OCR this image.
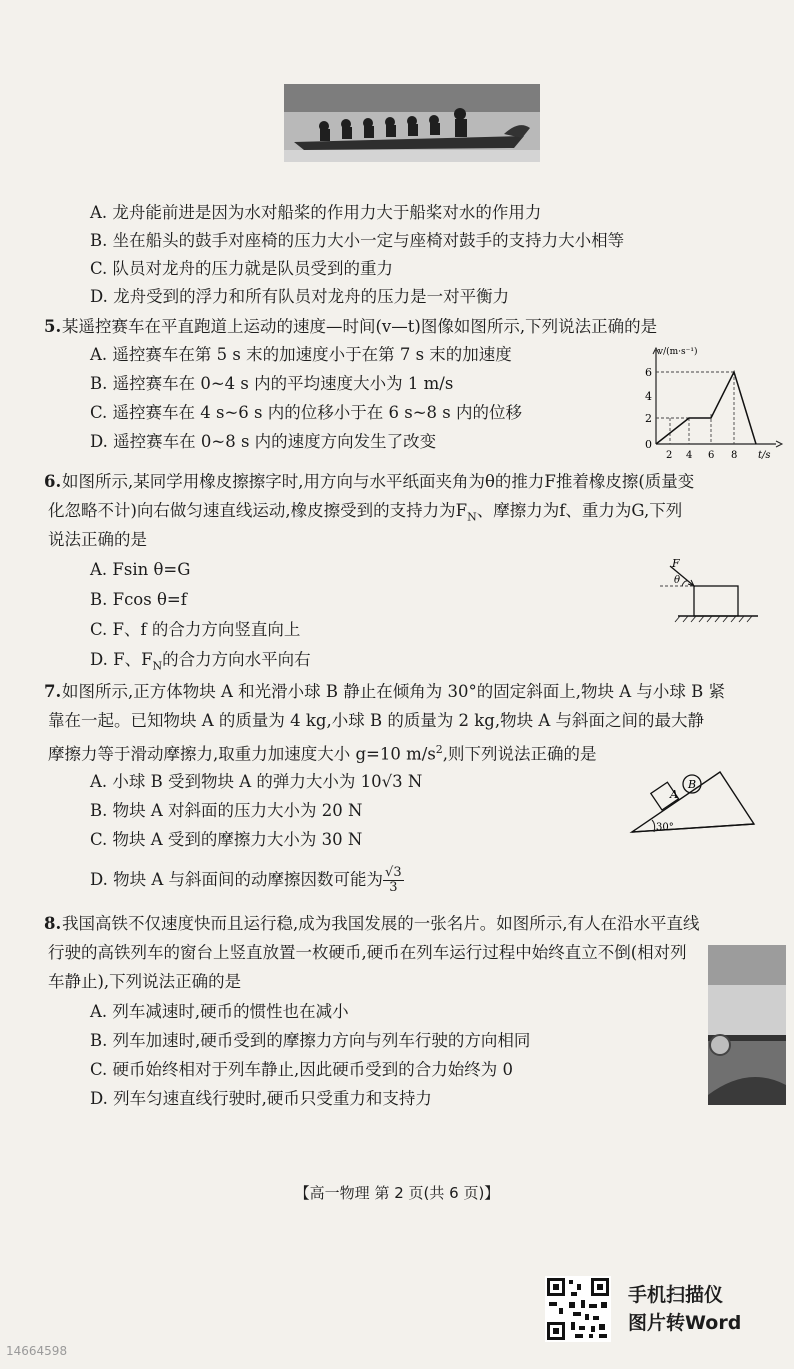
A. 龙舟能前进是因为水对船桨的作用力大于船桨对水的作用力
B. 坐在船头的鼓手对座椅的压力大小一定与座椅对鼓手的支持力大小相等
C. 队员对龙舟的压力就是队员受到的重力
D. 龙舟受到的浮力和所有队员对龙舟的压力是一对平衡力
5. 某遥控赛车在平直跑道上运动的速度—时间(v—t)图像如图所示,下列说法正确的是
A. 遥控赛车在第 5 s 末的加速度小于在第 7 s 末的加速度
B. 遥控赛车在 0~4 s 内的平均速度大小为 1 m/s
C. 遥控赛车在 4 s~6 s 内的位移小于在 6 s~8 s 内的位移
D. 遥控赛车在 0~8 s 内的速度方向发生了改变
v/(m·s⁻¹)
6
4
2
0
2 4 6 8 t/s
6. 如图所示,某同学用橡皮擦擦字时,用方向与水平纸面夹角为θ的推力F推着橡皮擦(质量变
化忽略不计)向右做匀速直线运动,橡皮擦受到的支持力为$F_N$、摩擦力为f、重力为G,下列
说法正确的是
A. Fsin θ=G
B. Fcos θ=f
C. F、f 的合力方向竖直向上
D. F、$F_N$的合力方向水平向右
F
θ
7. 如图所示,正方体物块 A 和光滑小球 B 静止在倾角为 30°的固定斜面上,物块 A 与小球 B 紧
靠在一起。已知物块 A 的质量为 4 kg,小球 B 的质量为 2 kg,物块 A 与斜面之间的最大静
摩擦力等于滑动摩擦力,取重力加速度大小 g=10 $m/s^2$,则下列说法正确的是
A. 小球 B 受到物块 A 的弹力大小为 10√3 N
B. 物块 A 对斜面的压力大小为 20 N
C. 物块 A 受到的摩擦力大小为 30 N
D. 物块 A 与斜面间的动摩擦因数可能为 $\frac{√3}{3}$
A
B
30°
8. 我国高铁不仅速度快而且运行稳,成为我国发展的一张名片。如图所示,有人在沿水平直线
行驶的高铁列车的窗台上竖直放置一枚硬币,硬币在列车运行过程中始终直立不倒(相对列
车静止),下列说法正确的是
A. 列车减速时,硬币的惯性也在减小
B. 列车加速时,硬币受到的摩擦力方向与列车行驶的方向相同
C. 硬币始终相对于列车静止,因此硬币受到的合力始终为 0
D. 列车匀速直线行驶时,硬币只受重力和支持力
【高一物理 第 2 页(共 6 页)】
手机扫描仪
图片转Word
14664598
